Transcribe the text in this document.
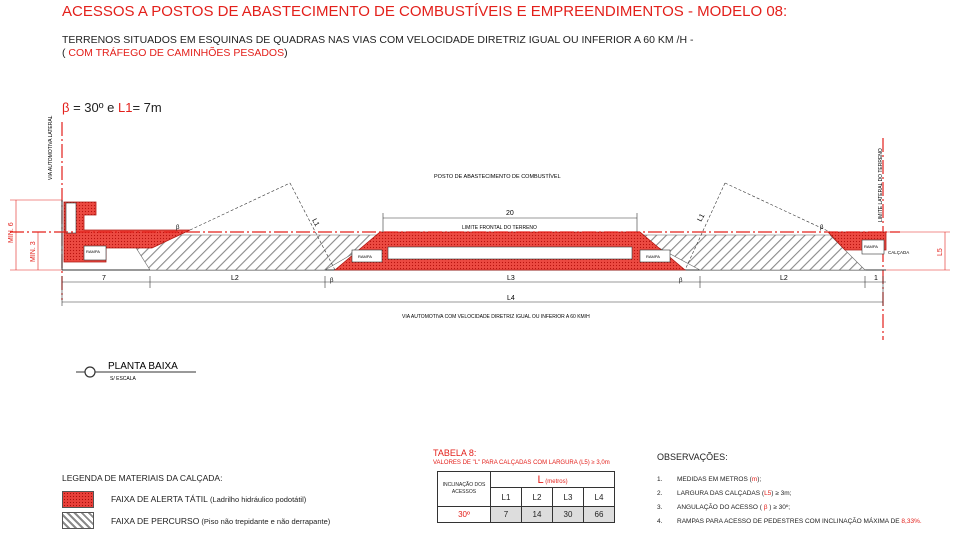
ACESSOS A POSTOS DE ABASTECIMENTO DE COMBUSTÍVEIS E EMPREENDIMENTOS - MODELO 08:
TERRENOS SITUADOS EM ESQUINAS DE QUADRAS NAS VIAS COM VELOCIDADE DIRETRIZ IGUAL OU INFERIOR A 60 KM /H -
( COM TRÁFEGO DE CAMINHÕES PESADOS)
β = 30º e L1= 7m
VIA AUTOMOTIVA LATERAL
LIMITE LATERAL DO TERRENO
RAMPA
RAMPA	RAMPA
RAMPA
LIMITE FRONTAL DO TERRENO
POSTO DE ABASTECIMENTO DE COMBUSTÍVEL
20
L1	L1
β
β	β
β
MIN. 6
MIN. 3	L5
CALÇADA
7	L2	L3	L2	1
L4
VIA AUTOMOTIVA COM VELOCIDADE DIRETRIZ IGUAL OU INFERIOR A 60 KM/H
PLANTA BAIXA
S/ ESCALA
LEGENDA DE MATERIAIS DA CALÇADA:
FAIXA DE ALERTA TÁTIL (Ladrilho hidráulico podotátil)
FAIXA DE PERCURSO (Piso não trepidante e não derrapante)
TABELA 8:
VALORES DE "L" PARA CALÇADAS COM LARGURA (L5) ≥ 3,0m
INCLINAÇÃO DOS
ACESSOS	L (metros)			
	L1	L2	L3	L4
30º	7	14	30	66
OBSERVAÇÕES:
1. MEDIDAS EM METROS (m);
2. LARGURA DAS CALÇADAS (L5) ≥ 3m;
3. ANGULAÇÃO DO ACESSO ( β ) ≥ 30º;
4. RAMPAS PARA ACESSO DE PEDESTRES COM INCLINAÇÃO MÁXIMA DE 8,33%.
